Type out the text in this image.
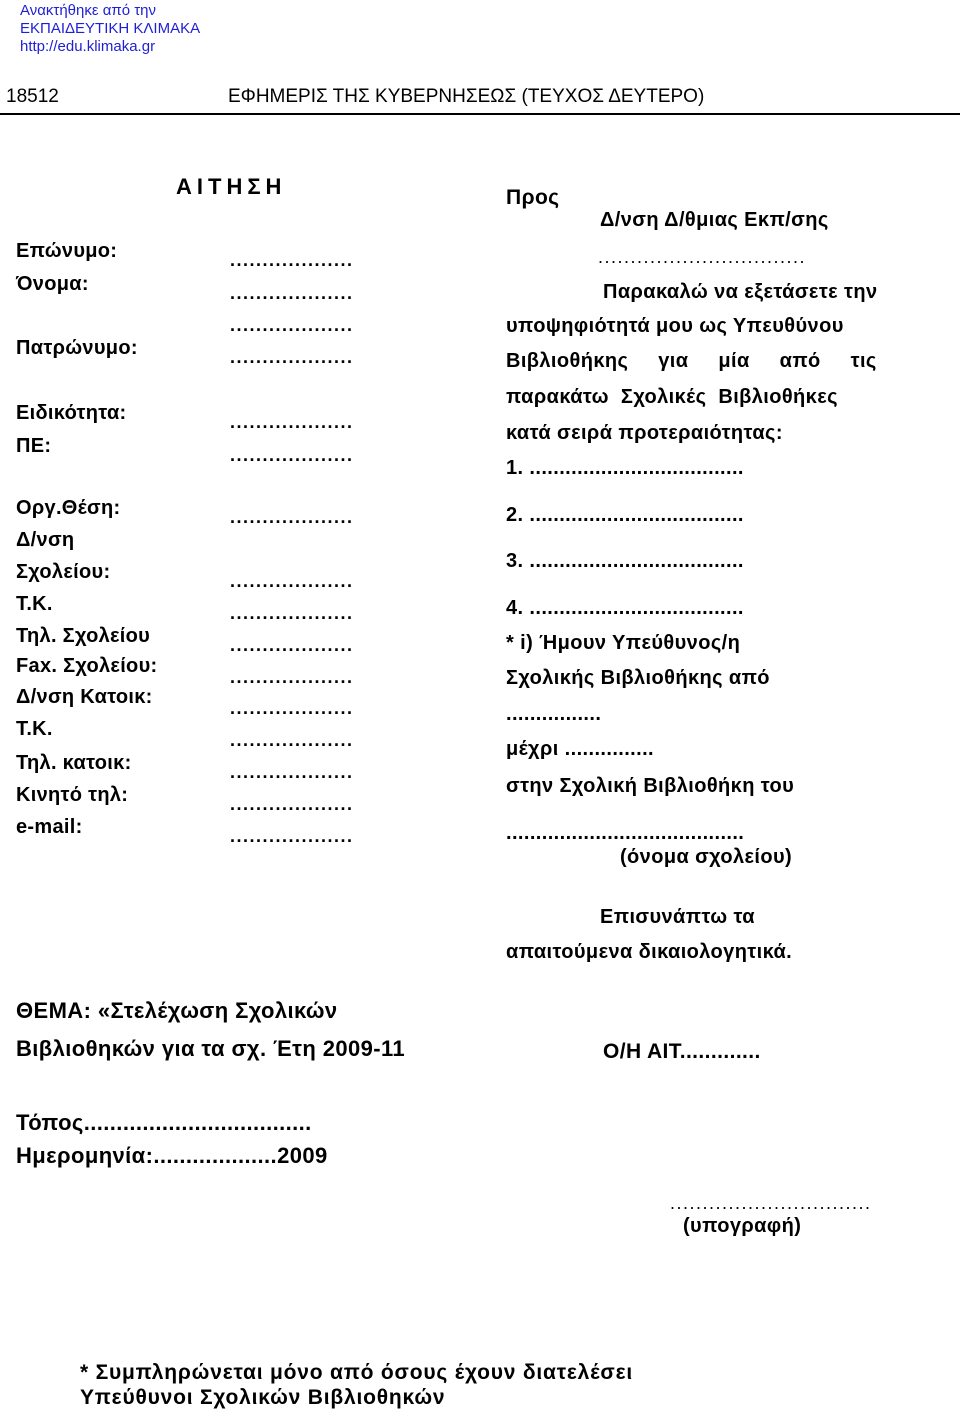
Ανακτήθηκε από την
ΕΚΠΑΙΔΕΥΤΙΚΗ ΚΛΙΜΑΚΑ
http://edu.klimaka.gr
18512	ΕΦΗΜΕΡΙΣ ΤΗΣ ΚΥΒΕΡΝΗΣΕΩΣ (ΤΕΥΧΟΣ ΔΕΥΤΕΡΟ)
ΑΙΤΗΣΗ
Επώνυμο:
Όνομα:
Πατρώνυμο:
Ειδικότητα:
ΠΕ:
Οργ.Θέση:
Δ/νση
Σχολείου:
Τ.Κ.
Τηλ. Σχολείου
Fax. Σχολείου:
Δ/νση Κατοικ:
Τ.Κ.
Τηλ. κατοικ:
Κινητό τηλ:
e-mail:
...................
...................
...................
...................
...................
...................
...................
...................
...................
...................
...................
...................
...................
...................
...................
...................
Προς
Δ/νση Δ/θμιας Εκπ/σης
................................
Παρακαλώ να εξετάσετε την
υποψηφιότητά μου ως Υπευθύνου
Βιβλιοθήκης για μία από τις
παρακάτω Σχολικές Βιβλιοθήκες
κατά σειρά προτεραιότητας:
1. ....................................
2. ....................................
3. ....................................
4. ....................................
* i) Ήμουν Υπεύθυνος/η
Σχολικής Βιβλιοθήκης από
................
μέχρι ...............
στην Σχολική Βιβλιοθήκη του
........................................
(όνομα σχολείου)
Επισυνάπτω τα
απαιτούμενα δικαιολογητικά.
ΘΕΜΑ: «Στελέχωση Σχολικών
Βιβλιοθηκών για τα σχ. Έτη 2009-11	Ο/Η ΑΙΤ.............
Τόπος...................................
Ημερομηνία:...................2009
...............................
(υπογραφή)
* Συμπληρώνεται μόνο από όσους έχουν διατελέσει
Υπεύθυνοι Σχολικών Βιβλιοθηκών
